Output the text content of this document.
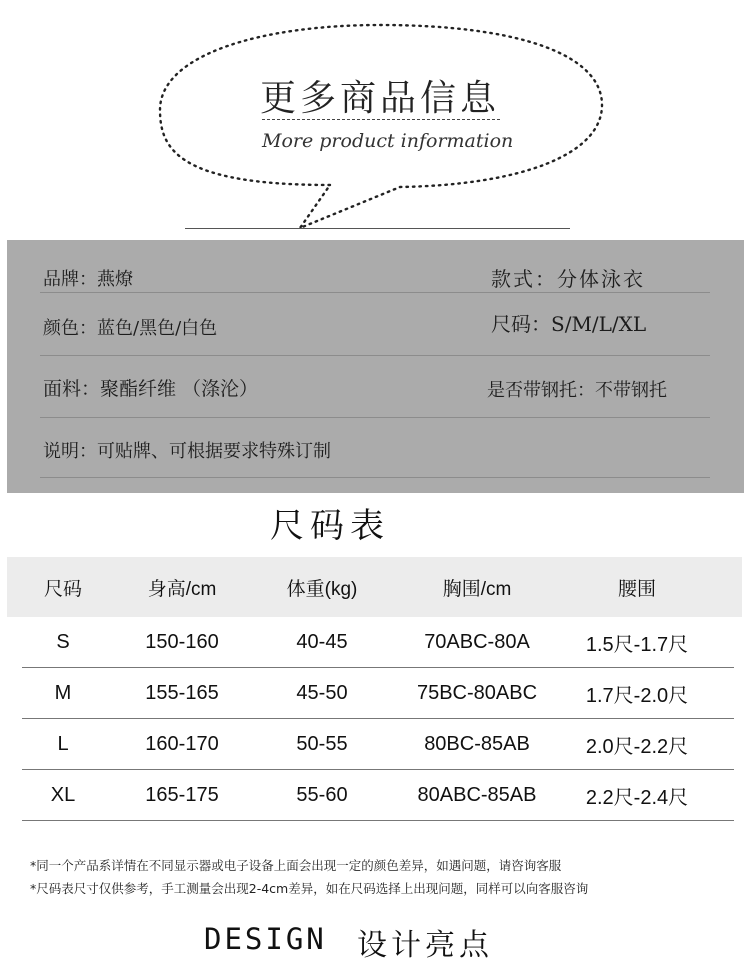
更多商品信息
More product information
品牌：燕燎	款式：分体泳衣
颜色：蓝色/黑色/白色	尺码：S/M/L/XL
面料：聚酯纤维 （涤沦）	是否带钢托：不带钢托
说明：可贴牌、可根据要求特殊订制
尺码表
尺码	身高/cm	体重(kg)	胸围/cm	腰围
S	150-160	40-45	70ABC-80A	1.5尺-1.7尺
M	155-165	45-50	75BC-80ABC	1.7尺-2.0尺
L	160-170	50-55	80BC-85AB	2.0尺-2.2尺
XL	165-175	55-60	80ABC-85AB	2.2尺-2.4尺
*同一个产品系详情在不同显示器或电子设备上面会出现一定的颜色差异，如遇问题，请咨询客服
*尺码表尺寸仅供参考，手工测量会出现2-4cm差异，如在尺码选择上出现问题，同样可以向客服咨询
DESIGN 设计亮点
